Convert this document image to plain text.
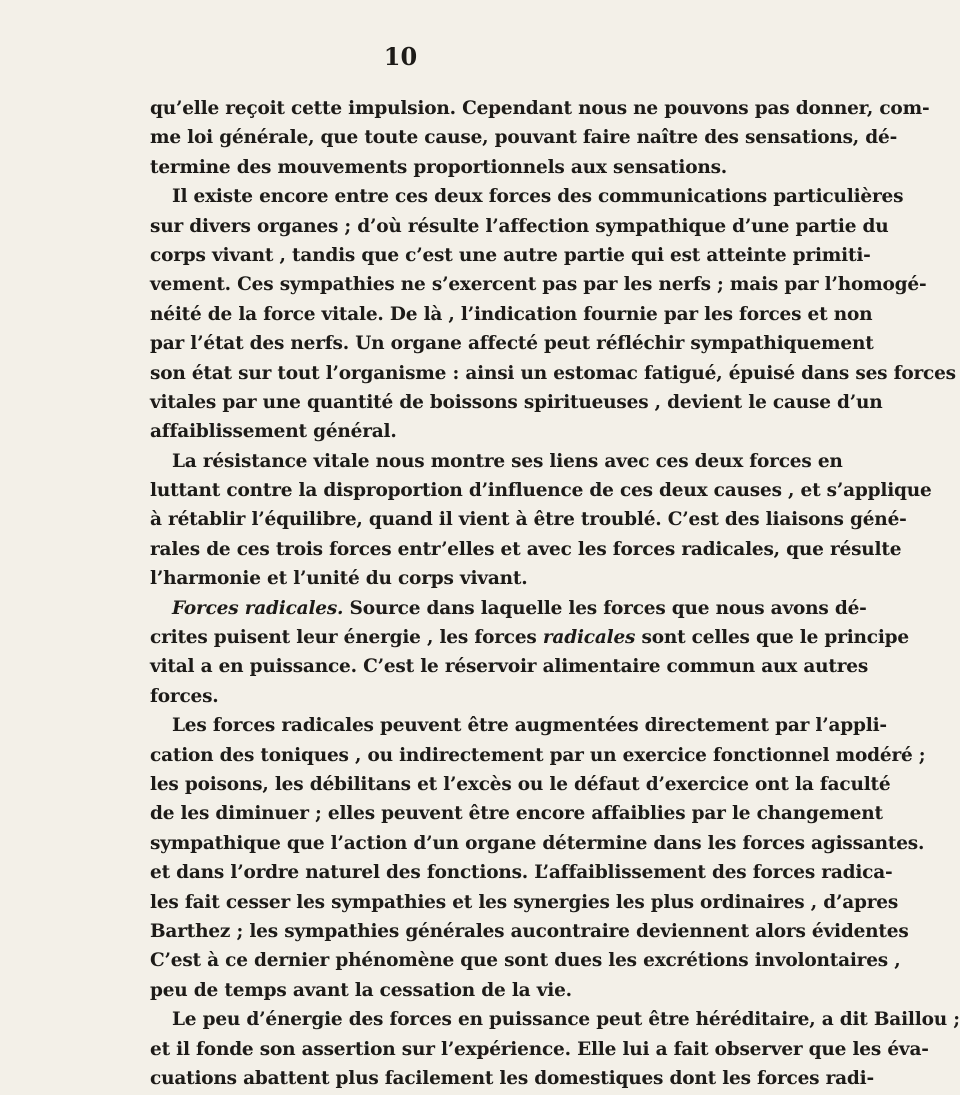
10
qu’elle reçoit cette impulsion. Cependant nous ne pouvons pas donner, com-
me loi générale, que toute cause, pouvant faire naître des sensations, dé-
termine des mouvements proportionnels aux sensations.
Il existe encore entre ces deux forces des communications particulières
sur divers organes ; d’où résulte l’affection sympathique d’une partie du
corps vivant , tandis que c’est une autre partie qui est atteinte primiti-
vement. Ces sympathies ne s’exercent pas par les nerfs ; mais par l’homogé-
néité de la force vitale. De là , l’indication fournie par les forces et non
par l’état des nerfs. Un organe affecté peut réfléchir sympathiquement
son état sur tout l’organisme : ainsi un estomac fatigué, épuisé dans ses forces
vitales par une quantité de boissons spiritueuses , devient le cause d’un
affaiblissement général.
La résistance vitale nous montre ses liens avec ces deux forces en
luttant contre la disproportion d’influence de ces deux causes , et s’applique
à rétablir l’équilibre, quand il vient à être troublé. C’est des liaisons géné-
rales de ces trois forces entr’elles et avec les forces radicales, que résulte
l’harmonie et l’unité du corps vivant.
Forces radicales. Source dans laquelle les forces que nous avons dé-
crites puisent leur énergie , les forces radicales sont celles que le principe
vital a en puissance. C’est le réservoir alimentaire commun aux autres
forces.
Les forces radicales peuvent être augmentées directement par l’appli-
cation des toniques , ou indirectement par un exercice fonctionnel modéré ;
les poisons, les débilitans et l’excès ou le défaut d’exercice ont la faculté
de les diminuer ; elles peuvent être encore affaiblies par le changement
sympathique que l’action d’un organe détermine dans les forces agissantes.
et dans l’ordre naturel des fonctions. L’affaiblissement des forces radica-
les fait cesser les sympathies et les synergies les plus ordinaires , d’apres
Barthez ; les sympathies générales aucontraire deviennent alors évidentes
C’est à ce dernier phénomène que sont dues les excrétions involontaires ,
peu de temps avant la cessation de la vie.
Le peu d’énergie des forces en puissance peut être héréditaire, a dit Baillou ;
et il fonde son assertion sur l’expérience. Elle lui a fait observer que les éva-
cuations abattent plus facilement les domestiques dont les forces radi-
